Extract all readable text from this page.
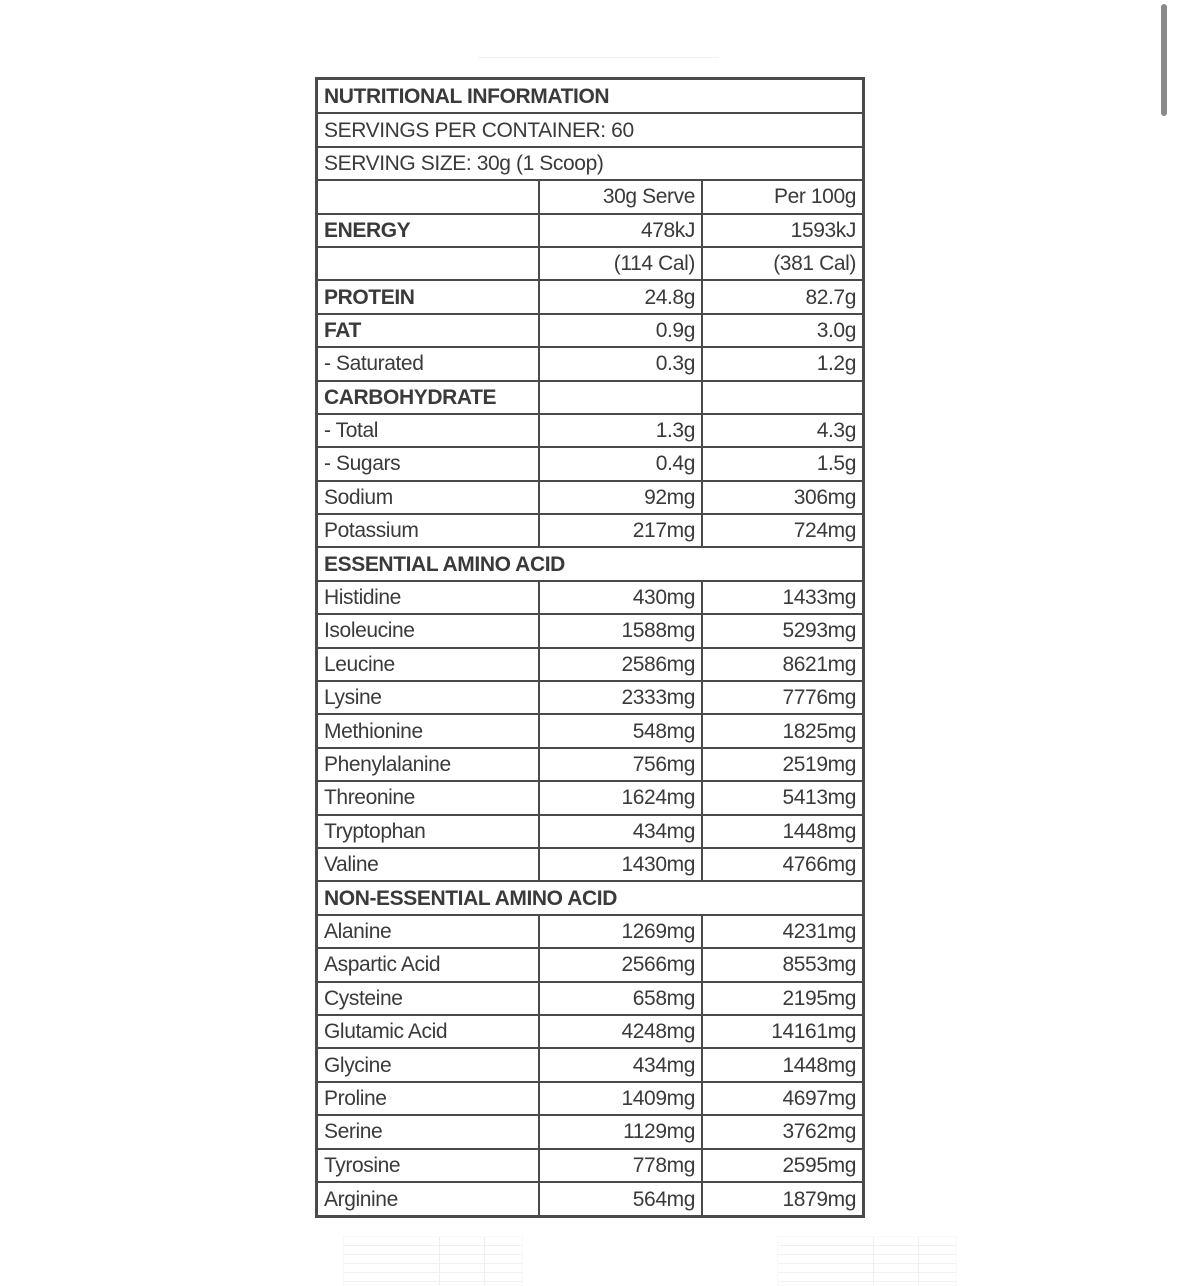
NUTRITIONAL INFORMATION		
SERVINGS PER CONTAINER: 60		
SERVING SIZE: 30g (1 Scoop)		
	30g Serve	Per 100g
ENERGY	478kJ	1593kJ
	(114 Cal)	(381 Cal)
PROTEIN	24.8g	82.7g
FAT	0.9g	3.0g
- Saturated	0.3g	1.2g
CARBOHYDRATE		
- Total	1.3g	4.3g
- Sugars	0.4g	1.5g
Sodium	92mg	306mg
Potassium	217mg	724mg
ESSENTIAL AMINO ACID		
Histidine	430mg	1433mg
Isoleucine	1588mg	5293mg
Leucine	2586mg	8621mg
Lysine	2333mg	7776mg
Methionine	548mg	1825mg
Phenylalanine	756mg	2519mg
Threonine	1624mg	5413mg
Tryptophan	434mg	1448mg
Valine	1430mg	4766mg
NON-ESSENTIAL AMINO ACID		
Alanine	1269mg	4231mg
Aspartic Acid	2566mg	8553mg
Cysteine	658mg	2195mg
Glutamic Acid	4248mg	14161mg
Glycine	434mg	1448mg
Proline	1409mg	4697mg
Serine	1129mg	3762mg
Tyrosine	778mg	2595mg
Arginine	564mg	1879mg
